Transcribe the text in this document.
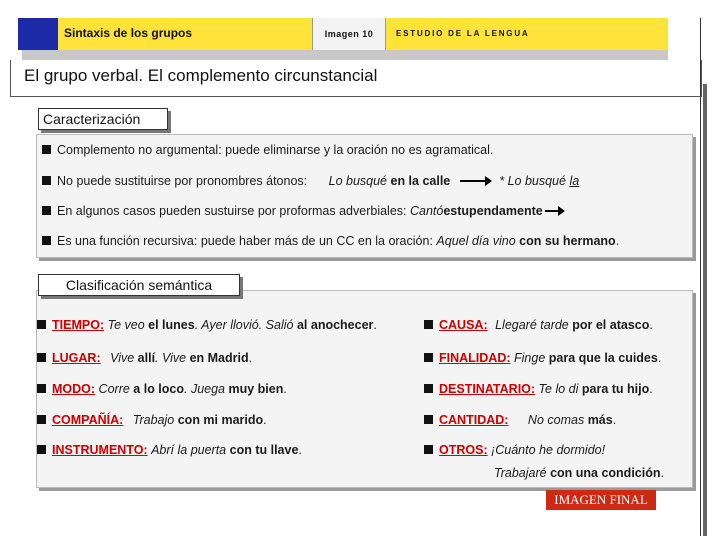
Sintaxis de los grupos	Imagen 10	ESTUDIO DE LA LENGUA
El grupo verbal. El complemento circunstancial
Caracterización
Complemento no argumental: puede eliminarse y la oración no es agramatical.
No puede sustituirse por pronombres átonos: Lo busqué en la calle	* Lo busqué la
En algunos casos pueden sustuirse por proformas adverbiales: Cantóestupendamente
Es una función recursiva: puede haber más de un CC en la oración: Aquel día vino con su hermano.
Clasificación semántica
TIEMPO: Te veo el lunes. Ayer llovió. Salió al anochecer.
LUGAR: Vive allí. Vive en Madrid.
MODO: Corre a lo loco. Juega muy bien.
COMPAÑÍA: Trabajo con mi marido.
INSTRUMENTO: Abrí la puerta con tu llave.
CAUSA: Llegaré tarde por el atasco.
FINALIDAD: Finge para que la cuides.
DESTINATARIO: Te lo di para tu hijo.
CANTIDAD: No comas más.
OTROS: ¡Cuánto he dormido!
Trabajaré con una condición.
IMAGEN FINAL
